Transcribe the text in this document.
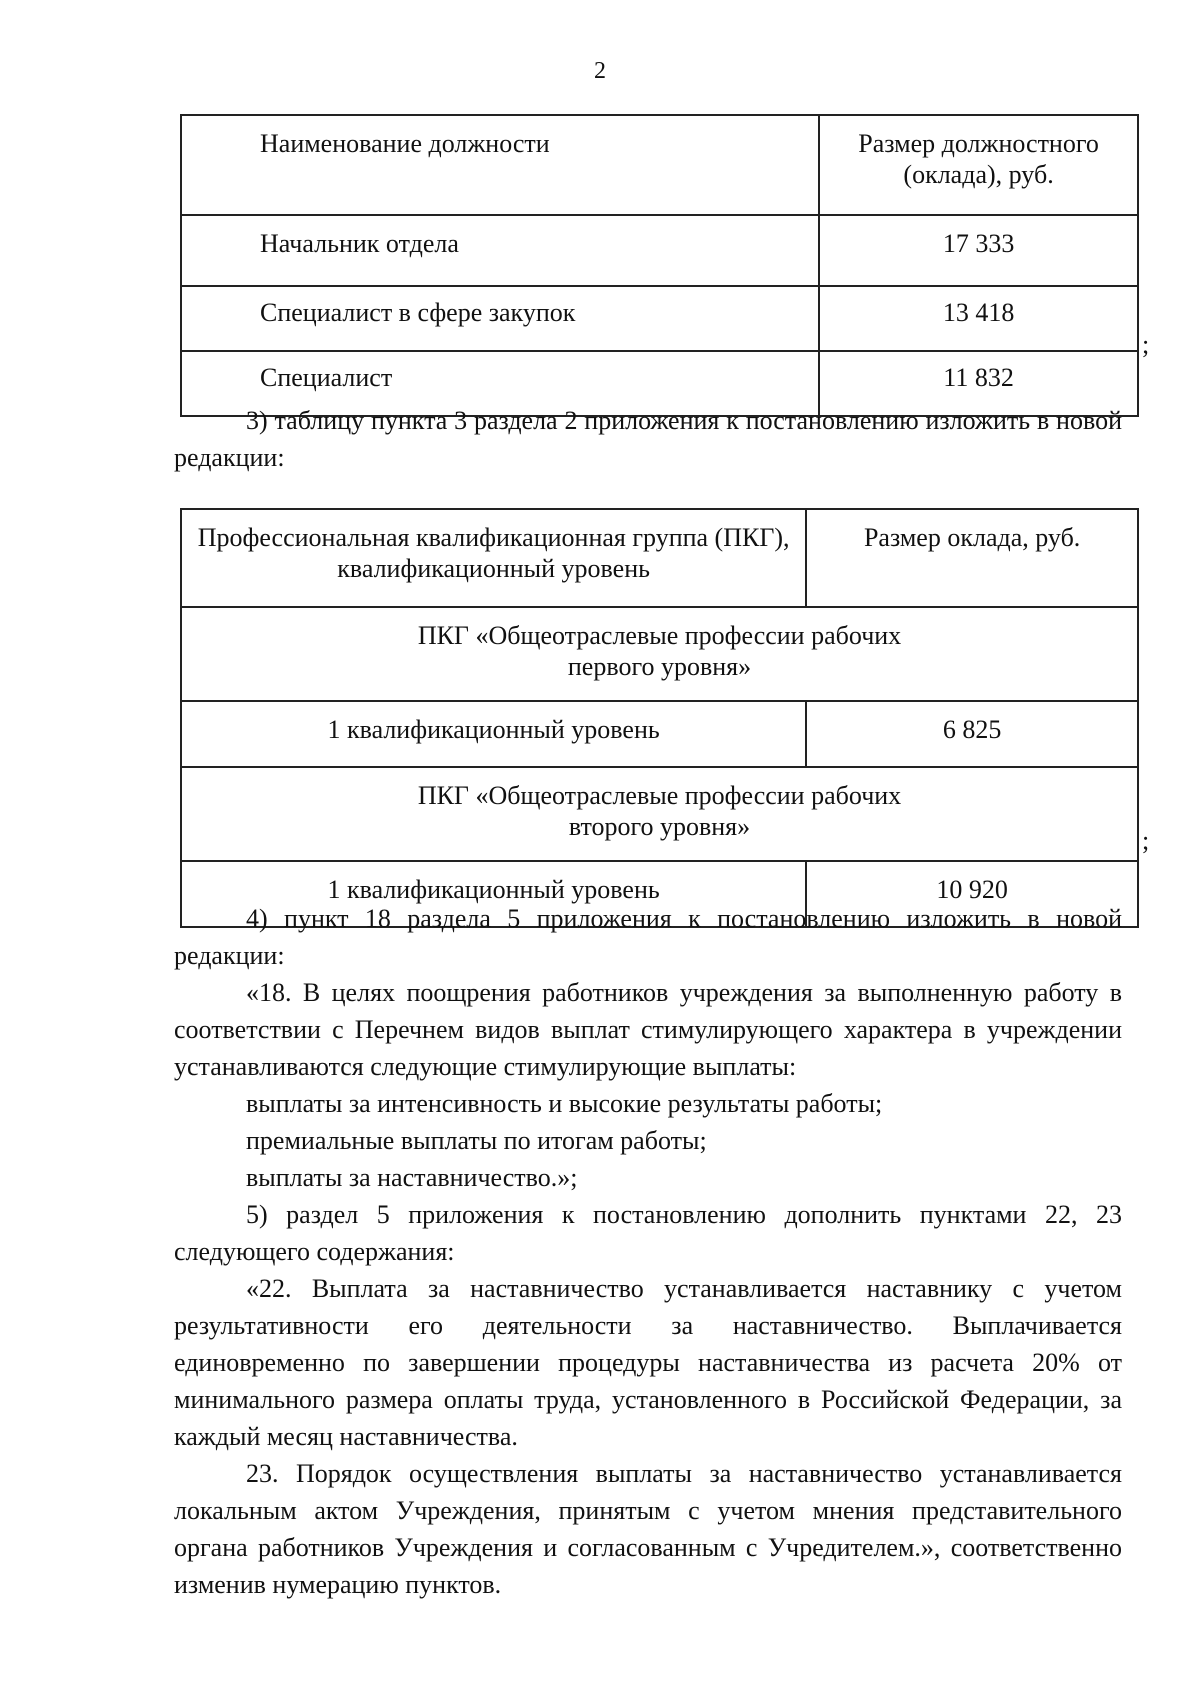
2
Наименование должности	Размер должностного (оклада), руб.
Начальник отдела	17 333
Специалист в сфере закупок	13 418
Специалист	11 832
;

3) таблицу пункта 3 раздела 2 приложения к постановлению изложить в новой редакции:

Профессиональная квалификационная группа (ПКГ), квалификационный уровень	Размер оклада, руб.

ПКГ «Общеотраслевые профессии рабочих первого уровня»	

1 квалификационный уровень	6 825

ПКГ «Общеотраслевые профессии рабочих второго уровня»	

1 квалификационный уровень	10 920
;

4) пункт 18 раздела 5 приложения к постановлению изложить в новой редакции:

«18. В целях поощрения работников учреждения за выполненную работу в соответствии с Перечнем видов выплат стимулирующего характера в учреждении устанавливаются следующие стимулирующие выплаты:

выплаты за интенсивность и высокие результаты работы;

премиальные выплаты по итогам работы;

выплаты за наставничество.»;

5) раздел 5 приложения к постановлению дополнить пунктами 22, 23 следующего содержания:

«22. Выплата за наставничество устанавливается наставнику с учетом результативности его деятельности за наставничество. Выплачивается единовременно по завершении процедуры наставничества из расчета 20% от минимального размера оплаты труда, установленного в Российской Федерации, за каждый месяц наставничества.

23. Порядок осуществления выплаты за наставничество устанавливается локальным актом Учреждения, принятым с учетом мнения представительного органа работников Учреждения и согласованным с Учредителем.», соответственно изменив нумерацию пунктов.
